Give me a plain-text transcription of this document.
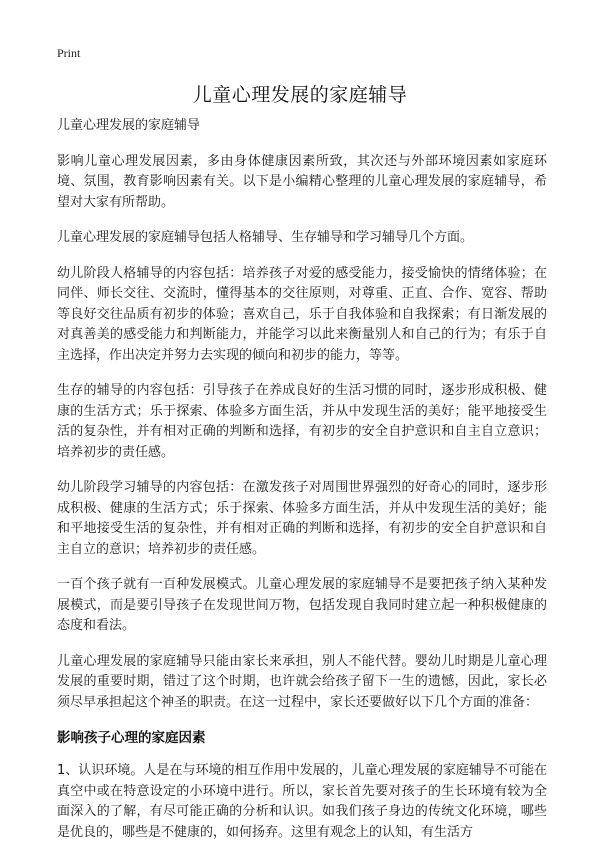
Print
儿童心理发展的家庭辅导

儿童心理发展的家庭辅导

影响儿童心理发展因素，多由身体健康因素所致，其次还与外部环境因素如家庭环境、氛围，教育影响因素有关。以下是小编精心整理的儿童心理发展的家庭辅导，希望对大家有所帮助。

儿童心理发展的家庭辅导包括人格辅导、生存辅导和学习辅导几个方面。

幼儿阶段人格辅导的内容包括：培养孩子对爱的感受能力，接受愉快的情绪体验；在同伴、师长交往、交流时，懂得基本的交往原则，对尊重、正直、合作、宽容、帮助等良好交往品质有初步的体验；喜欢自己，乐于自我体验和自我探索；有日渐发展的对真善美的感受能力和判断能力，并能学习以此来衡量别人和自己的行为；有乐于自主选择，作出决定并努力去实现的倾向和初步的能力，等等。

生存的辅导的内容包括：引导孩子在养成良好的生活习惯的同时，逐步形成积极、健康的生活方式；乐于探索、体验多方面生活，并从中发现生活的美好；能平地接受生活的复杂性，并有相对正确的判断和选择，有初步的安全自护意识和自主自立意识；培养初步的责任感。

幼儿阶段学习辅导的内容包括：在激发孩子对周围世界强烈的好奇心的同时，逐步形成积极、健康的生活方式；乐于探索、体验多方面生活，并从中发现生活的美好；能和平地接受生活的复杂性，并有相对正确的判断和选择，有初步的安全自护意识和自主自立的意识；培养初步的责任感。

一百个孩子就有一百种发展模式。儿童心理发展的家庭辅导不是要把孩子纳入某种发展模式，而是要引导孩子在发现世间万物，包括发现自我同时建立起一种积极健康的态度和看法。

儿童心理发展的家庭辅导只能由家长来承担，别人不能代替。婴幼儿时期是儿童心理发展的重要时期，错过了这个时期，也许就会给孩子留下一生的遗憾，因此，家长必须尽早承担起这个神圣的职责。在这一过程中，家长还要做好以下几个方面的准备：

影响孩子心理的家庭因素

1、认识环境。人是在与环境的相互作用中发展的，儿童心理发展的家庭辅导不可能在真空中或在特意设定的小环境中进行。所以，家长首先要对孩子的生长环境有较为全面深入的了解，有尽可能正确的分析和认识。如我们孩子身边的传统文化环境，哪些是优良的，哪些是不健康的，如何扬弃。这里有观念上的认知，有生活方
